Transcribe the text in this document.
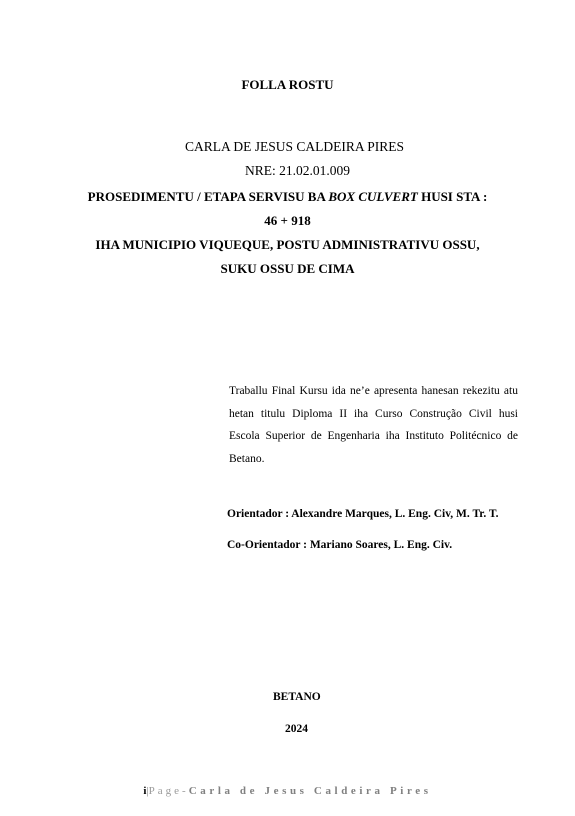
FOLLA ROSTU
CARLA DE JESUS CALDEIRA PIRES
NRE: 21.02.01.009
PROSEDIMENTU / ETAPA SERVISU BA BOX CULVERT HUSI STA :
46 + 918
IHA MUNICIPIO VIQUEQUE, POSTU ADMINISTRATIVU OSSU,
SUKU OSSU DE CIMA
Traballu Final Kursu ida ne’e apresenta hanesan rekezitu atu hetan titulu Diploma II iha Curso Construção Civil husi Escola Superior de Engenharia iha Instituto Politécnico de Betano.
Orientador : Alexandre Marques, L. Eng. Civ, M. Tr. T.
Co-Orientador : Mariano Soares, L. Eng. Civ.
BETANO
2024
i|Page-Carla de Jesus Caldeira Pires
